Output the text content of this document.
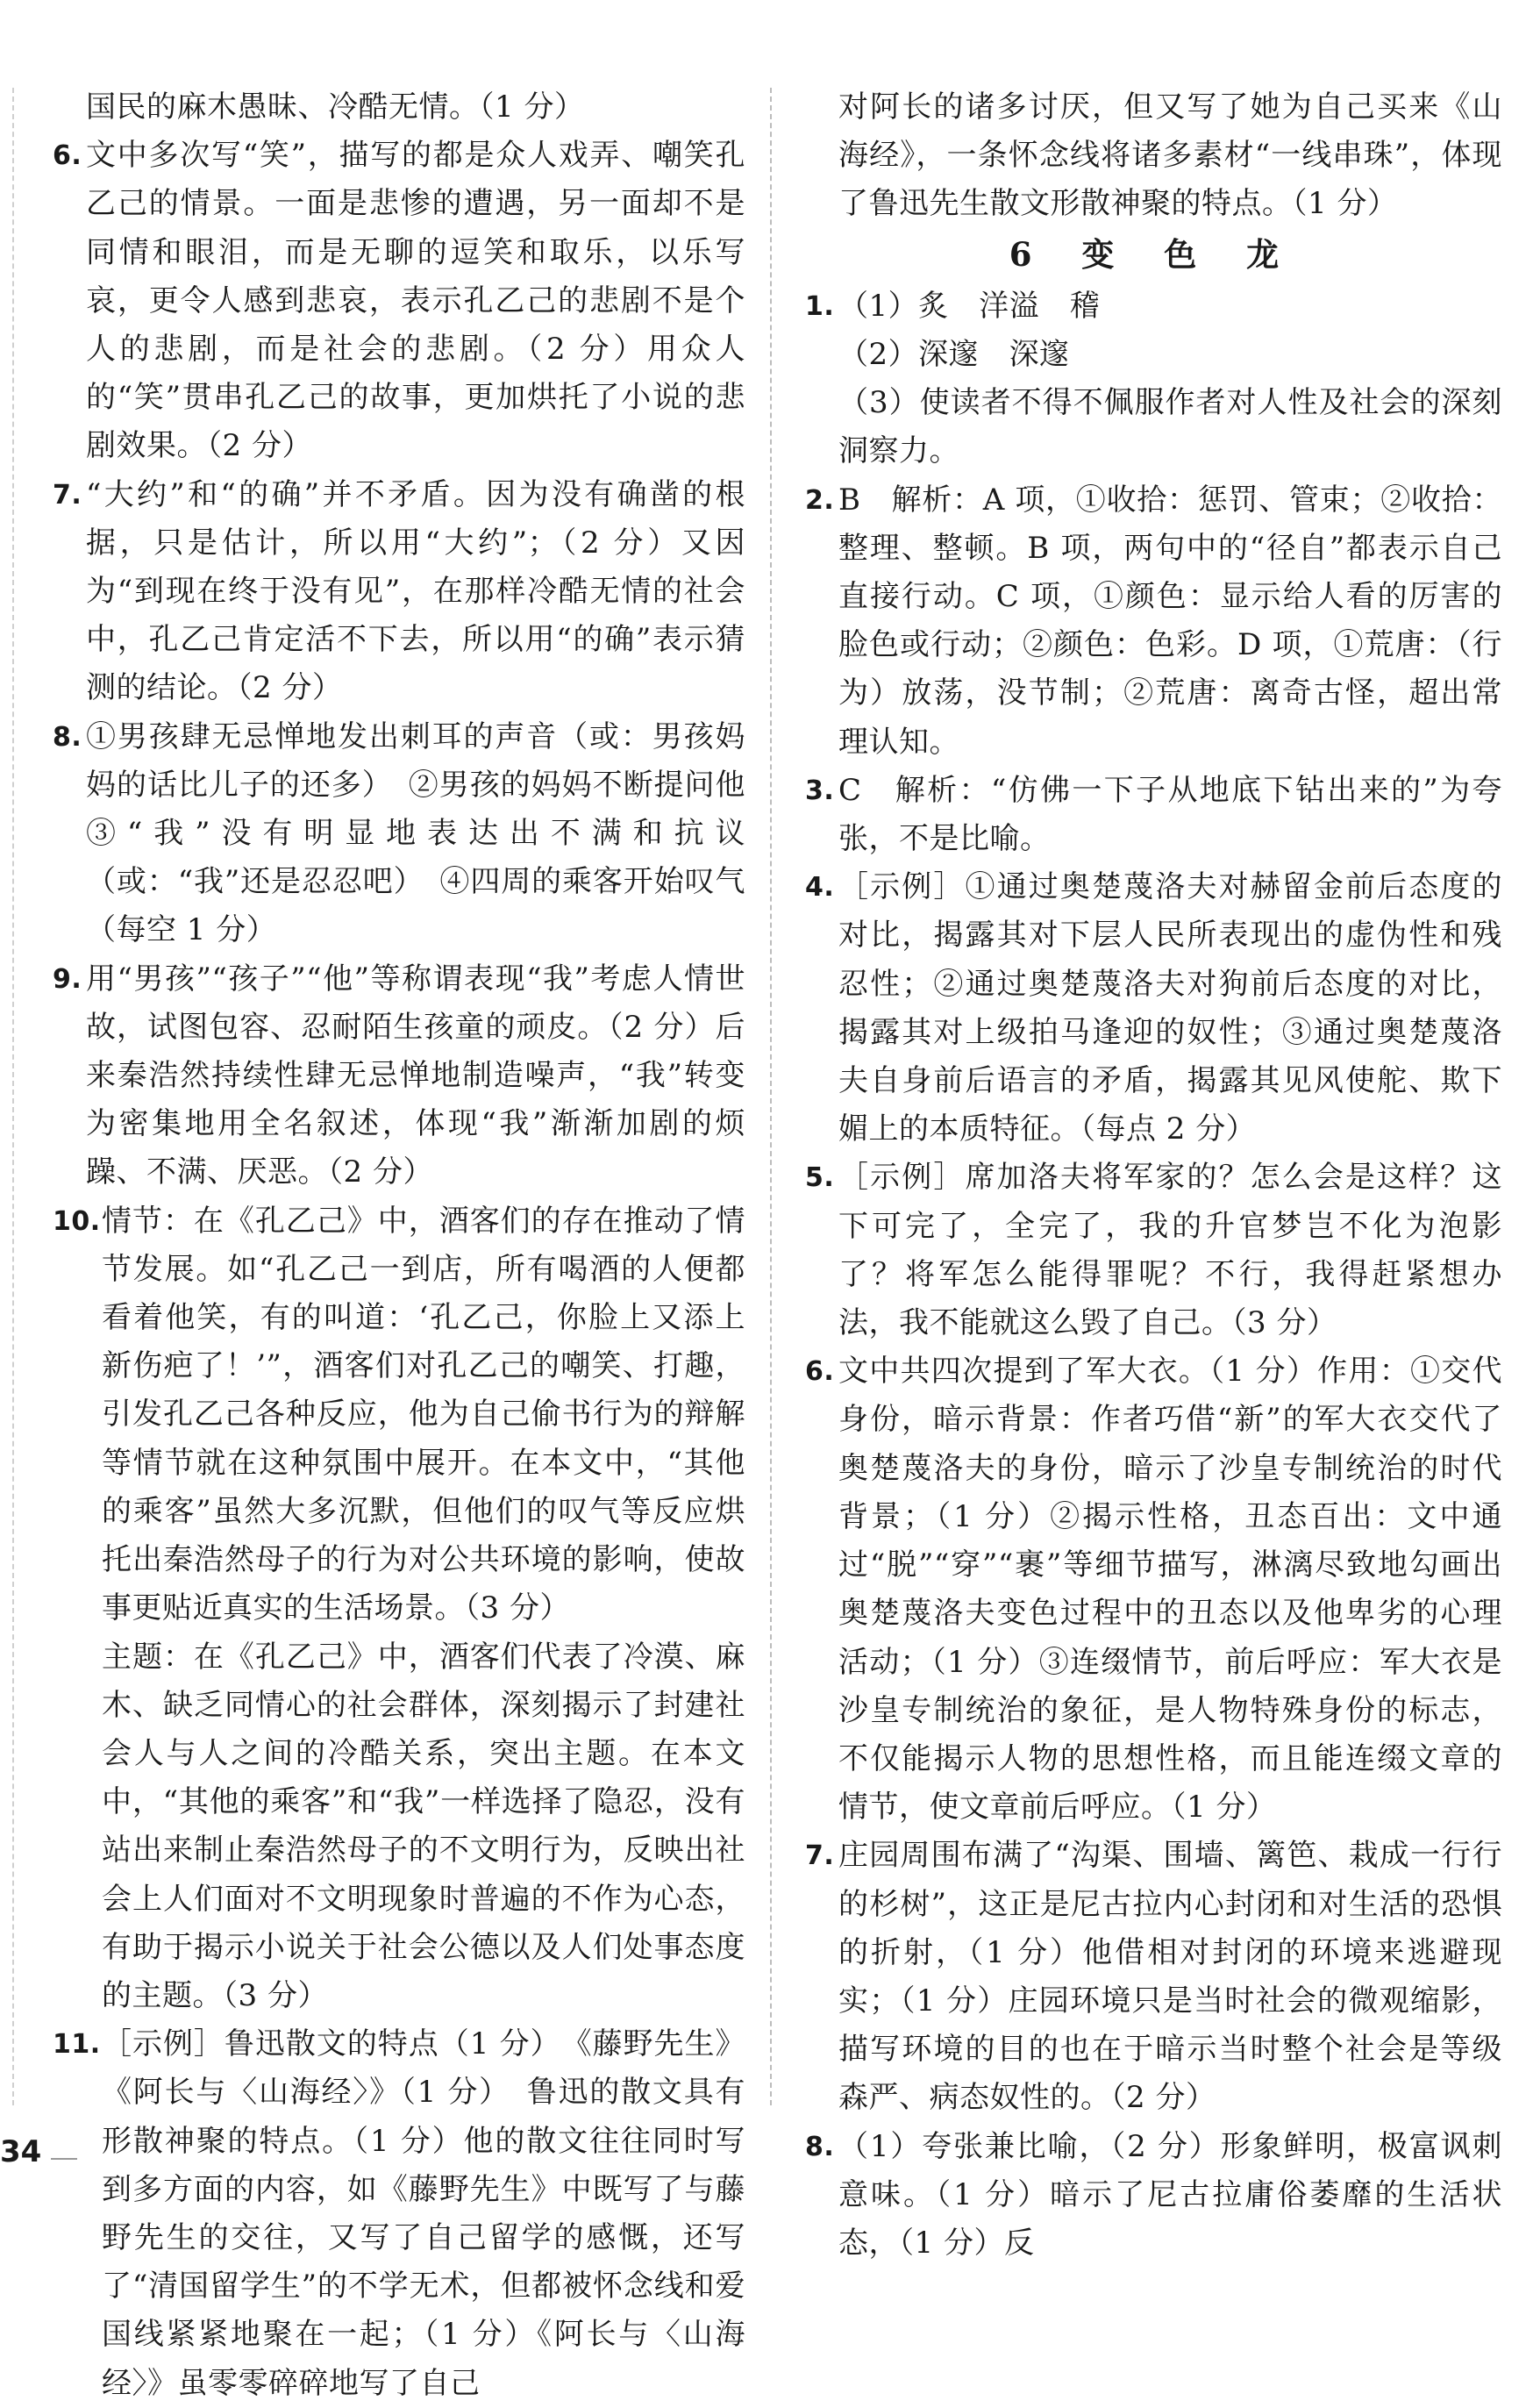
国民的麻木愚昧、冷酷无情。（1 分）
6. 文中多次写“笑”，描写的都是众人戏弄、嘲笑孔乙己的情景。一面是悲惨的遭遇，另一面却不是同情和眼泪，而是无聊的逗笑和取乐，以乐写哀，更令人感到悲哀，表示孔乙己的悲剧不是个人的悲剧，而是社会的悲剧。（2 分）用众人的“笑”贯串孔乙己的故事，更加烘托了小说的悲剧效果。（2 分）
7. “大约”和“的确”并不矛盾。因为没有确凿的根据，只是估计，所以用“大约”；（2 分）又因为“到现在终于没有见”，在那样冷酷无情的社会中，孔乙己肯定活不下去，所以用“的确”表示猜测的结论。（2 分）
8. ①男孩肆无忌惮地发出刺耳的声音（或：男孩妈妈的话比儿子的还多）　②男孩的妈妈不断提问他　③“我”没有明显地表达出不满和抗议（或：“我”还是忍忍吧）　④四周的乘客开始叹气（每空 1 分）
9. 用“男孩”“孩子”“他”等称谓表现“我”考虑人情世故，试图包容、忍耐陌生孩童的顽皮。（2 分）后来秦浩然持续性肆无忌惮地制造噪声，“我”转变为密集地用全名叙述，体现“我”渐渐加剧的烦躁、不满、厌恶。（2 分）
10. 情节：在《孔乙己》中，酒客们的存在推动了情节发展。如“孔乙己一到店，所有喝酒的人便都看着他笑，有的叫道：‘孔乙己，你脸上又添上新伤疤了！’”，酒客们对孔乙己的嘲笑、打趣，引发孔乙己各种反应，他为自己偷书行为的辩解等情节就在这种氛围中展开。在本文中，“其他的乘客”虽然大多沉默，但他们的叹气等反应烘托出秦浩然母子的行为对公共环境的影响，使故事更贴近真实的生活场景。（3 分）
主题：在《孔乙己》中，酒客们代表了冷漠、麻木、缺乏同情心的社会群体，深刻揭示了封建社会人与人之间的冷酷关系，突出主题。在本文中，“其他的乘客”和“我”一样选择了隐忍，没有站出来制止秦浩然母子的不文明行为，反映出社会上人们面对不文明现象时普遍的不作为心态，有助于揭示小说关于社会公德以及人们处事态度的主题。（3 分）
11. ［示例］鲁迅散文的特点（1 分）　《藤野先生》《阿长与〈山海经〉》（1 分）　鲁迅的散文具有形散神聚的特点。（1 分）他的散文往往同时写到多方面的内容，如《藤野先生》中既写了与藤野先生的交往，又写了自己留学的感慨，还写了“清国留学生”的不学无术，但都被怀念线和爱国线紧紧地聚在一起；（1 分）《阿长与〈山海经〉》虽零零碎碎地写了自己
对阿长的诸多讨厌，但又写了她为自己买来《山海经》，一条怀念线将诸多素材“一线串珠”，体现了鲁迅先生散文形散神聚的特点。（1 分）
6 变 色 龙
1. （1）炙　洋溢　稽
（2）深邃　深邃
（3）使读者不得不佩服作者对人性及社会的深刻洞察力。
2. B　解析：A 项，①收拾：惩罚、管束；②收拾：整理、整顿。B 项，两句中的“径自”都表示自己直接行动。C 项，①颜色：显示给人看的厉害的脸色或行动；②颜色：色彩。D 项，①荒唐：（行为）放荡，没节制；②荒唐：离奇古怪，超出常理认知。
3. C　解析：“仿佛一下子从地底下钻出来的”为夸张，不是比喻。
4. ［示例］①通过奥楚蔑洛夫对赫留金前后态度的对比，揭露其对下层人民所表现出的虚伪性和残忍性；②通过奥楚蔑洛夫对狗前后态度的对比，揭露其对上级拍马逢迎的奴性；③通过奥楚蔑洛夫自身前后语言的矛盾，揭露其见风使舵、欺下媚上的本质特征。（每点 2 分）
5. ［示例］席加洛夫将军家的？怎么会是这样？这下可完了，全完了，我的升官梦岂不化为泡影了？将军怎么能得罪呢？不行，我得赶紧想办法，我不能就这么毁了自己。（3 分）
6. 文中共四次提到了军大衣。（1 分）作用：①交代身份，暗示背景：作者巧借“新”的军大衣交代了奥楚蔑洛夫的身份，暗示了沙皇专制统治的时代背景；（1 分）②揭示性格，丑态百出：文中通过“脱”“穿”“裹”等细节描写，淋漓尽致地勾画出奥楚蔑洛夫变色过程中的丑态以及他卑劣的心理活动；（1 分）③连缀情节，前后呼应：军大衣是沙皇专制统治的象征，是人物特殊身份的标志，不仅能揭示人物的思想性格，而且能连缀文章的情节，使文章前后呼应。（1 分）
7. 庄园周围布满了“沟渠、围墙、篱笆、栽成一行行的杉树”，这正是尼古拉内心封闭和对生活的恐惧的折射，（1 分）他借相对封闭的环境来逃避现实；（1 分）庄园环境只是当时社会的微观缩影，描写环境的目的也在于暗示当时整个社会是等级森严、病态奴性的。（2 分）
8. （1）夸张兼比喻，（2 分）形象鲜明，极富讽刺意味。（1 分）暗示了尼古拉庸俗萎靡的生活状态，（1 分）反
34
